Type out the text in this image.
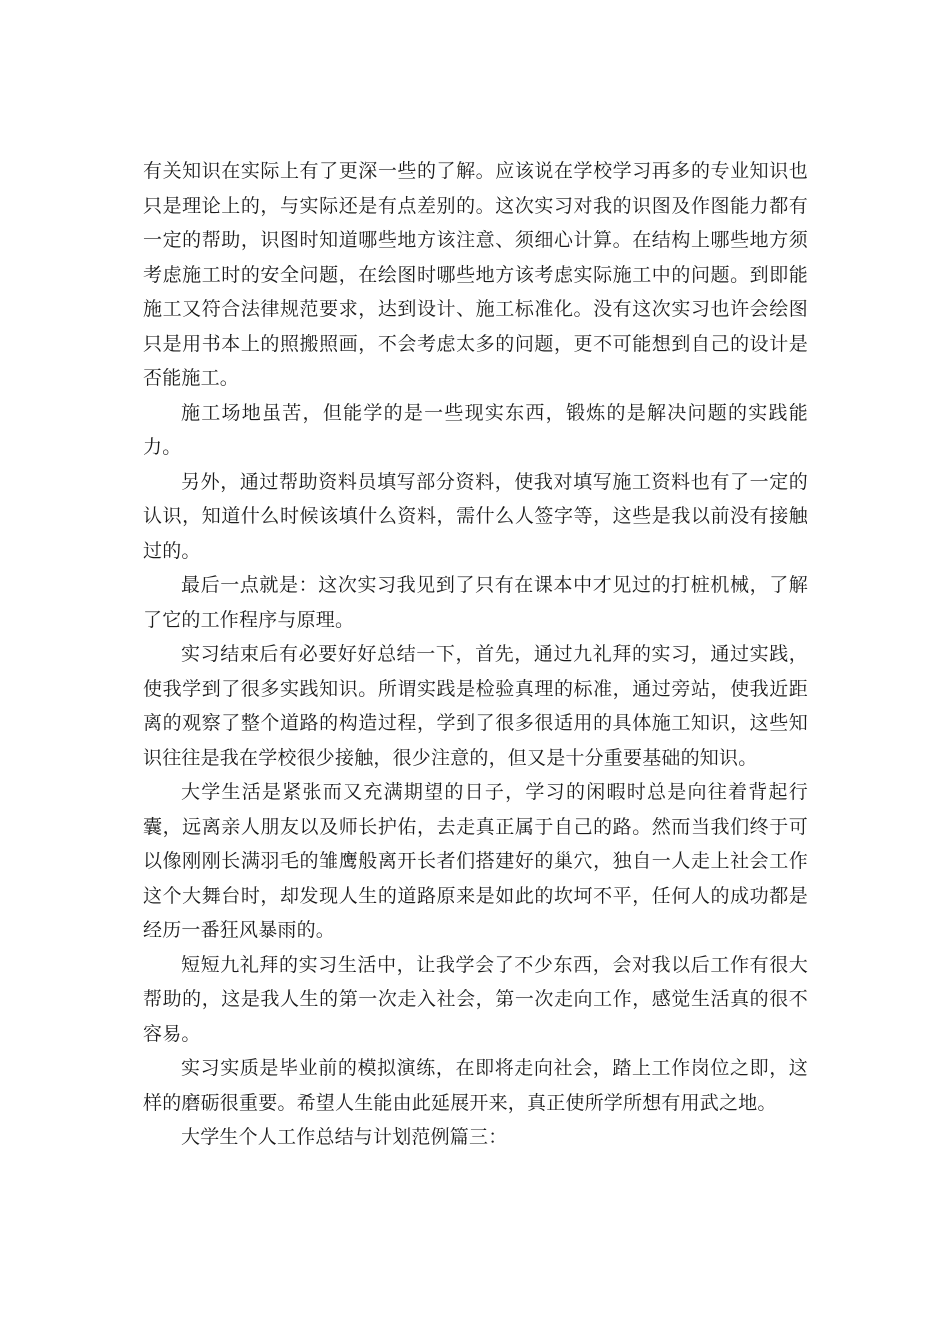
有关知识在实际上有了更深一些的了解。应该说在学校学习再多的专业知识也只是理论上的，与实际还是有点差别的。这次实习对我的识图及作图能力都有一定的帮助，识图时知道哪些地方该注意、须细心计算。在结构上哪些地方须考虑施工时的安全问题，在绘图时哪些地方该考虑实际施工中的问题。到即能施工又符合法律规范要求，达到设计、施工标准化。没有这次实习也许会绘图只是用书本上的照搬照画，不会考虑太多的问题，更不可能想到自己的设计是否能施工。

施工场地虽苦，但能学的是一些现实东西，锻炼的是解决问题的实践能力。

另外，通过帮助资料员填写部分资料，使我对填写施工资料也有了一定的认识，知道什么时候该填什么资料，需什么人签字等，这些是我以前没有接触过的。

最后一点就是：这次实习我见到了只有在课本中才见过的打桩机械，了解了它的工作程序与原理。

实习结束后有必要好好总结一下，首先，通过九礼拜的实习，通过实践，使我学到了很多实践知识。所谓实践是检验真理的标准，通过旁站，使我近距离的观察了整个道路的构造过程，学到了很多很适用的具体施工知识，这些知识往往是我在学校很少接触，很少注意的，但又是十分重要基础的知识。

大学生活是紧张而又充满期望的日子，学习的闲暇时总是向往着背起行囊，远离亲人朋友以及师长护佑，去走真正属于自己的路。然而当我们终于可以像刚刚长满羽毛的雏鹰般离开长者们搭建好的巢穴，独自一人走上社会工作这个大舞台时，却发现人生的道路原来是如此的坎坷不平，任何人的成功都是经历一番狂风暴雨的。

短短九礼拜的实习生活中，让我学会了不少东西，会对我以后工作有很大帮助的，这是我人生的第一次走入社会，第一次走向工作，感觉生活真的很不容易。

实习实质是毕业前的模拟演练，在即将走向社会，踏上工作岗位之即，这样的磨砺很重要。希望人生能由此延展开来，真正使所学所想有用武之地。

大学生个人工作总结与计划范例篇三：
